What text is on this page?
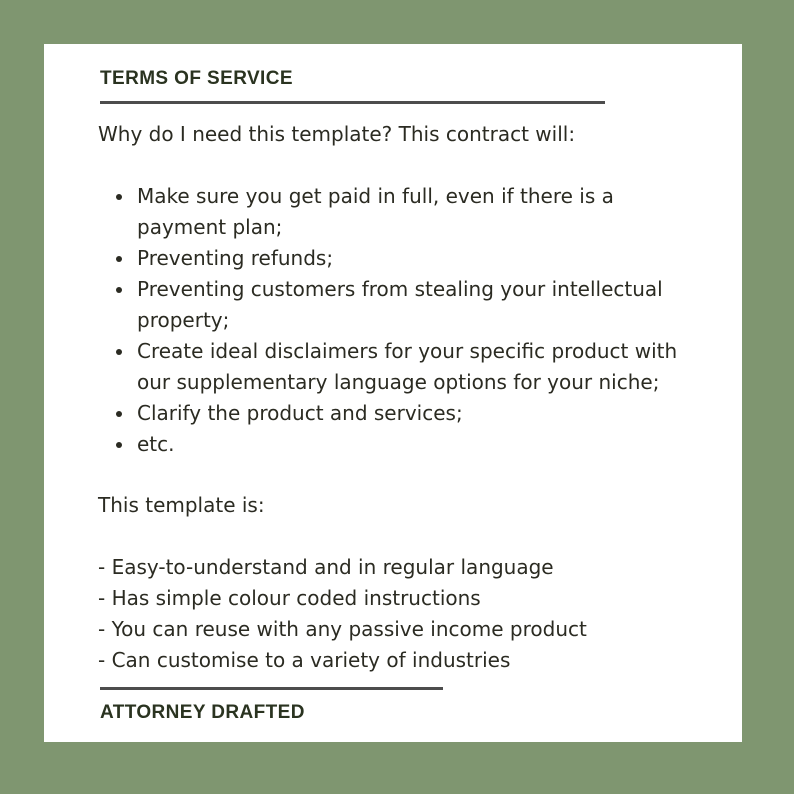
TERMS OF SERVICE

Why do I need this template? This contract will:

Make sure you get paid in full, even if there is a payment plan;
Preventing refunds;
Preventing customers from stealing your intellectual property;
Create ideal disclaimers for your specific product with our supplementary language options for your niche;
Clarify the product and services;
etc.

This template is:

- Easy-to-understand and in regular language
- Has simple colour coded instructions
- You can reuse with any passive income product
- Can customise to a variety of industries
ATTORNEY DRAFTED
